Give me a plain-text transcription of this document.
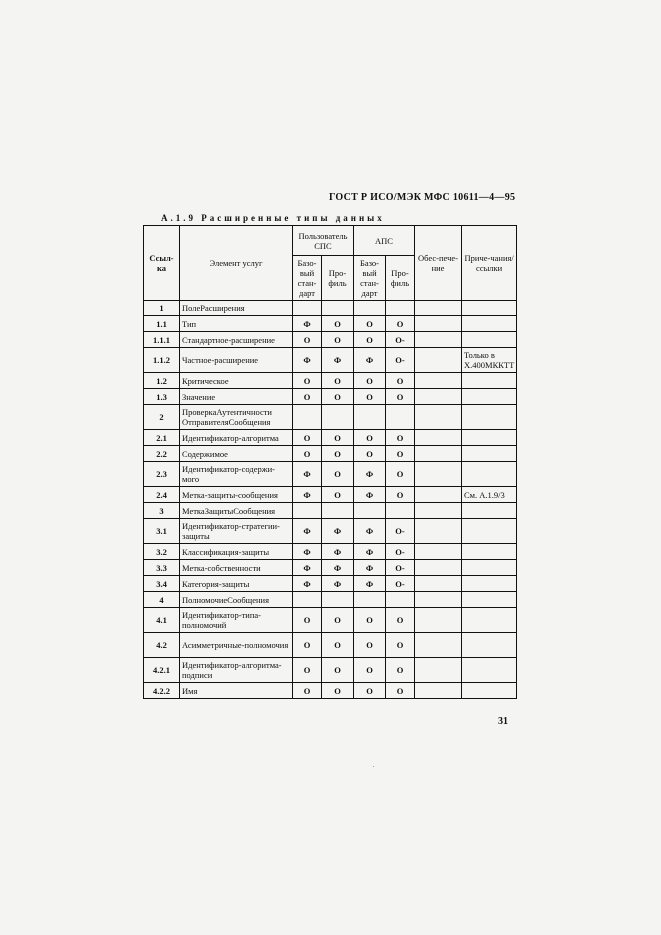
ГОСТ Р ИСО/МЭК МФС 10611—4—95
А.1.9 Расширенные типы данных
Ссыл-ка	Элемент услуг	Пользователь СПС		АПС		Обес-пече-ние	Приче-чания/ ссылки
		Базо-вый стан-дарт	Про-филь	Базо-вый стан-дарт	Про-филь		
1	ПолеРасширения						
1.1	Тип	Ф	О	О	О		
1.1.1	Стандартное-расширение	О	О	О	О-		
1.1.2	Частное-расширение	Ф	Ф	Ф	О-		Только в Х.400МККТТ
1.2	Критическое	О	О	О	О		
1.3	Значение	О	О	О	О		
2	ПроверкаАутентичности ОтправителяСообщения						
2.1	Идентификатор-алгоритма	О	О	О	О		
2.2	Содержимое	О	О	О	О		
2.3	Идентификатор-содержи-мого	Ф	О	Ф	О		
2.4	Метка-защиты-сообщения	Ф	О	Ф	О		См. А.1.9/3
3	МеткаЗащитыСообщения						
3.1	Идентификатор-стратегии-защиты	Ф	Ф	Ф	О-		
3.2	Классификация-защиты	Ф	Ф	Ф	О-		
3.3	Метка-собственности	Ф	Ф	Ф	О-		
3.4	Категория-защиты	Ф	Ф	Ф	О-		
4	ПолномочиеСообщения						
4.1	Идентификатор-типа-полномочий	О	О	О	О		
4.2	Асимметричные-полномочия	О	О	О	О		
4.2.1	Идентификатор-алгоритма-подписи	О	О	О	О		
4.2.2	Имя	О	О	О	О		
31
.
